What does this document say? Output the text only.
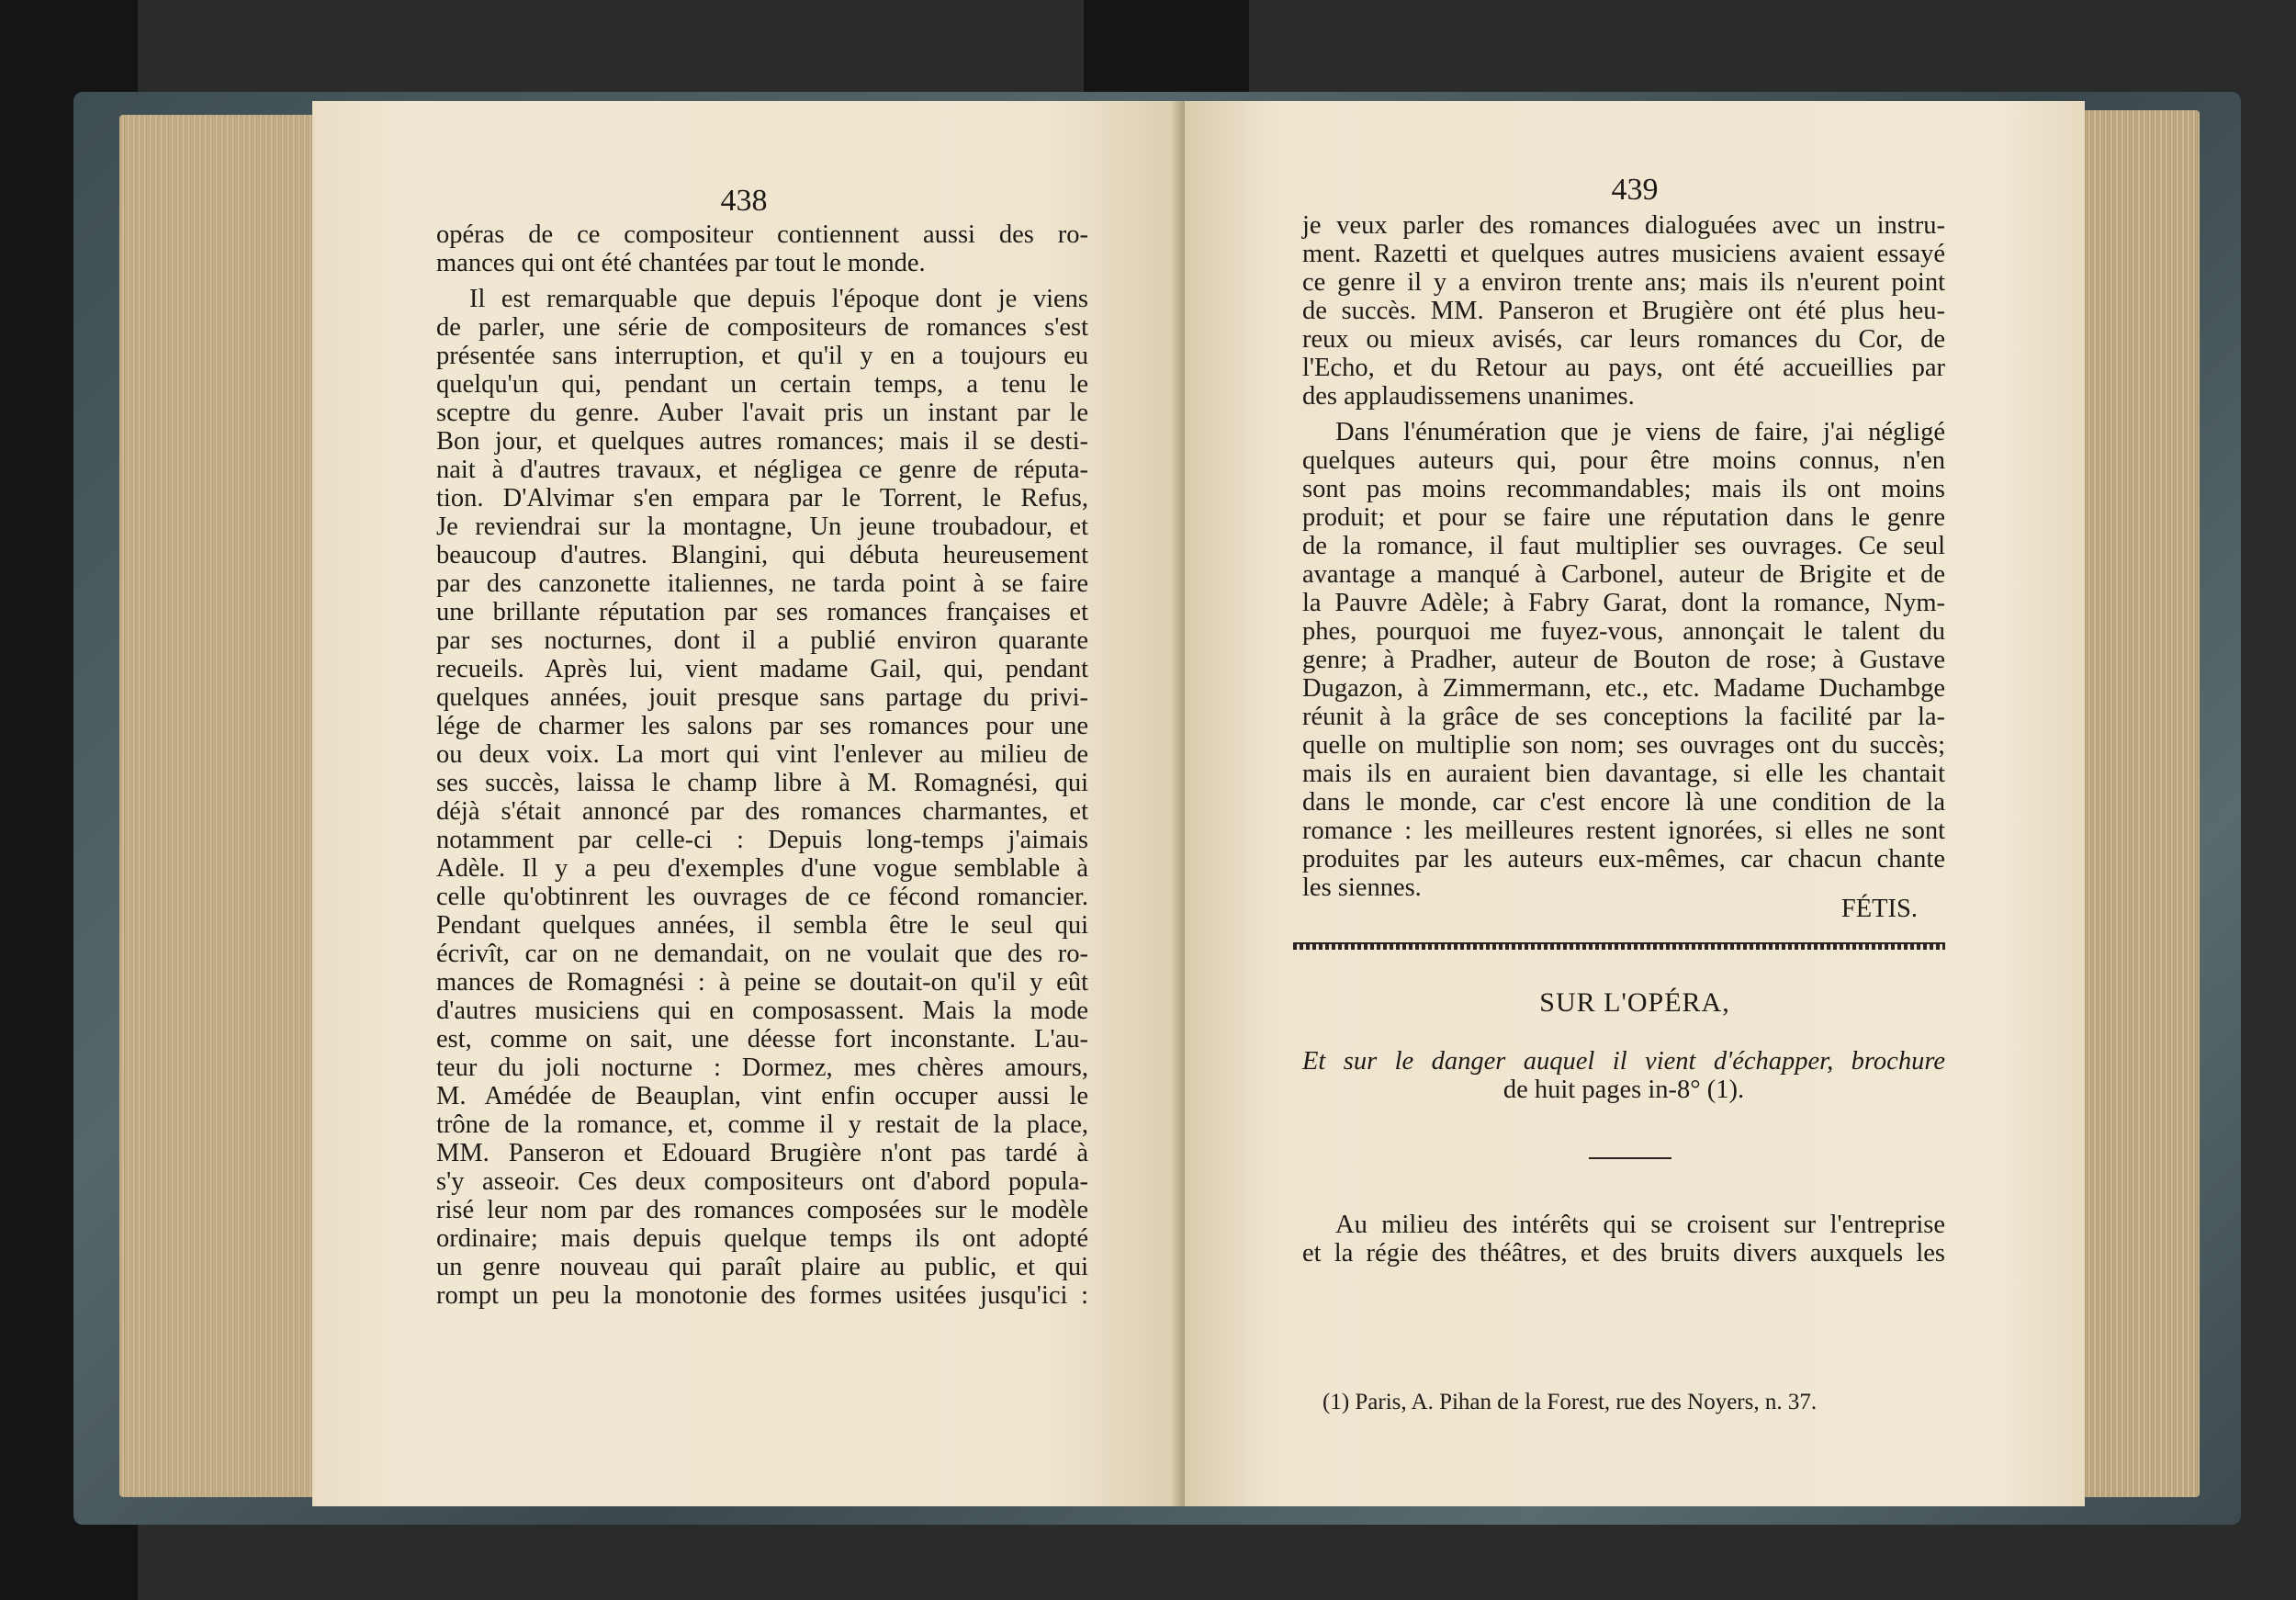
438
opéras de ce compositeur contiennent aussi des ro-
mances qui ont été chantées par tout le monde.
Il est remarquable que depuis l'époque dont je viens
de parler, une série de compositeurs de romances s'est
présentée sans interruption, et qu'il y en a toujours eu
quelqu'un qui, pendant un certain temps, a tenu le
sceptre du genre. Auber l'avait pris un instant par le
Bon jour, et quelques autres romances; mais il se desti-
nait à d'autres travaux, et négligea ce genre de réputa-
tion. D'Alvimar s'en empara par le Torrent, le Refus,
Je reviendrai sur la montagne, Un jeune troubadour, et
beaucoup d'autres. Blangini, qui débuta heureusement
par des canzonette italiennes, ne tarda point à se faire
une brillante réputation par ses romances françaises et
par ses nocturnes, dont il a publié environ quarante
recueils. Après lui, vient madame Gail, qui, pendant
quelques années, jouit presque sans partage du privi-
lége de charmer les salons par ses romances pour une
ou deux voix. La mort qui vint l'enlever au milieu de
ses succès, laissa le champ libre à M. Romagnési, qui
déjà s'était annoncé par des romances charmantes, et
notamment par celle-ci : Depuis long-temps j'aimais
Adèle. Il y a peu d'exemples d'une vogue semblable à
celle qu'obtinrent les ouvrages de ce fécond romancier.
Pendant quelques années, il sembla être le seul qui
écrivît, car on ne demandait, on ne voulait que des ro-
mances de Romagnési : à peine se doutait-on qu'il y eût
d'autres musiciens qui en composassent. Mais la mode
est, comme on sait, une déesse fort inconstante. L'au-
teur du joli nocturne : Dormez, mes chères amours,
M. Amédée de Beauplan, vint enfin occuper aussi le
trône de la romance, et, comme il y restait de la place,
MM. Panseron et Edouard Brugière n'ont pas tardé à
s'y asseoir. Ces deux compositeurs ont d'abord popula-
risé leur nom par des romances composées sur le modèle
ordinaire; mais depuis quelque temps ils ont adopté
un genre nouveau qui paraît plaire au public, et qui
rompt un peu la monotonie des formes usitées jusqu'ici :
439
je veux parler des romances dialoguées avec un instru-
ment. Razetti et quelques autres musiciens avaient essayé
ce genre il y a environ trente ans; mais ils n'eurent point
de succès. MM. Panseron et Brugière ont été plus heu-
reux ou mieux avisés, car leurs romances du Cor, de
l'Echo, et du Retour au pays, ont été accueillies par
des applaudissemens unanimes.
Dans l'énumération que je viens de faire, j'ai négligé
quelques auteurs qui, pour être moins connus, n'en
sont pas moins recommandables; mais ils ont moins
produit; et pour se faire une réputation dans le genre
de la romance, il faut multiplier ses ouvrages. Ce seul
avantage a manqué à Carbonel, auteur de Brigite et de
la Pauvre Adèle; à Fabry Garat, dont la romance, Nym-
phes, pourquoi me fuyez-vous, annonçait le talent du
genre; à Pradher, auteur de Bouton de rose; à Gustave
Dugazon, à Zimmermann, etc., etc. Madame Duchambge
réunit à la grâce de ses conceptions la facilité par la-
quelle on multiplie son nom; ses ouvrages ont du succès;
mais ils en auraient bien davantage, si elle les chantait
dans le monde, car c'est encore là une condition de la
romance : les meilleures restent ignorées, si elles ne sont
produites par les auteurs eux-mêmes, car chacun chante
les siennes.
FÉTIS.
SUR L'OPÉRA,
Et sur le danger auquel il vient d'échapper, brochure
de huit pages in-8° (1).
Au milieu des intérêts qui se croisent sur l'entreprise
et la régie des théâtres, et des bruits divers auxquels les
(1) Paris, A. Pihan de la Forest, rue des Noyers, n. 37.
